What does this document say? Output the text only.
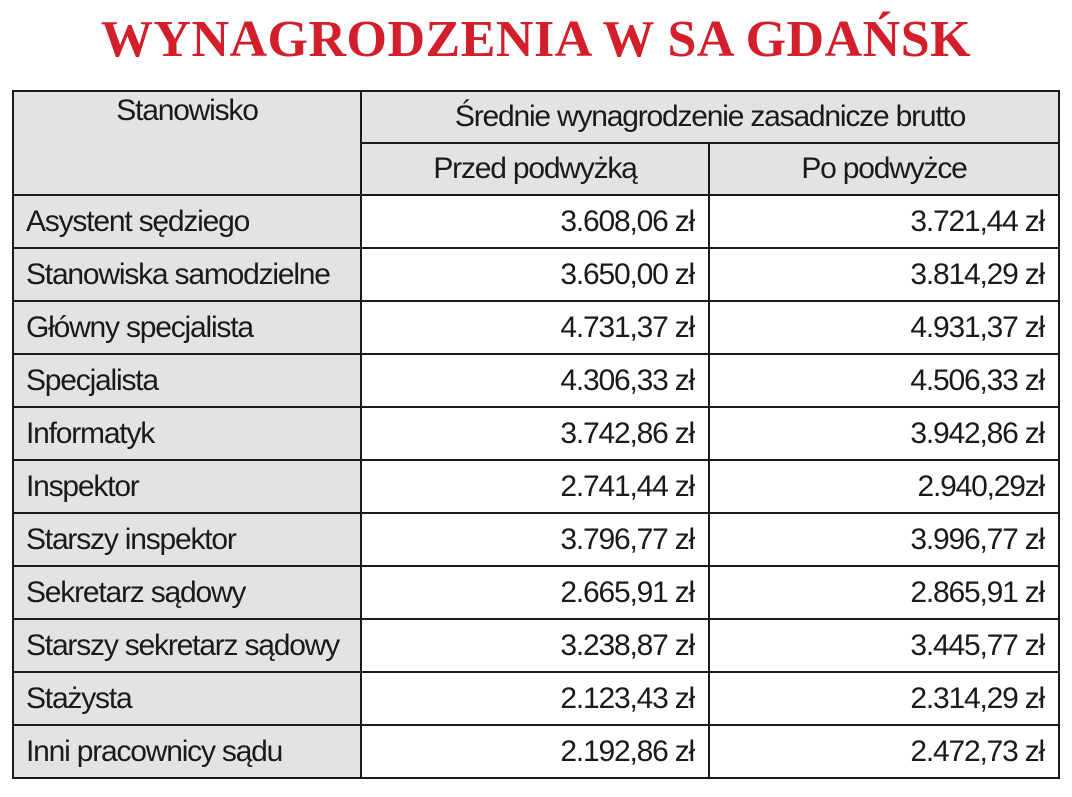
WYNAGRODZENIA W SA GDAŃSK
Stanowisko	Średnie wynagrodzenie zasadnicze brutto	
	Przed podwyżką	Po podwyżce
Asystent sędziego	3.608,06 zł	3.721,44 zł
Stanowiska samodzielne	3.650,00 zł	3.814,29 zł
Główny specjalista	4.731,37 zł	4.931,37 zł
Specjalista	4.306,33 zł	4.506,33 zł
Informatyk	3.742,86 zł	3.942,86 zł
Inspektor	2.741,44 zł	2.940,29zł
Starszy inspektor	3.796,77 zł	3.996,77 zł
Sekretarz sądowy	2.665,91 zł	2.865,91 zł
Starszy sekretarz sądowy	3.238,87 zł	3.445,77 zł
Stażysta	2.123,43 zł	2.314,29 zł
Inni pracownicy sądu	2.192,86 zł	2.472,73 zł
